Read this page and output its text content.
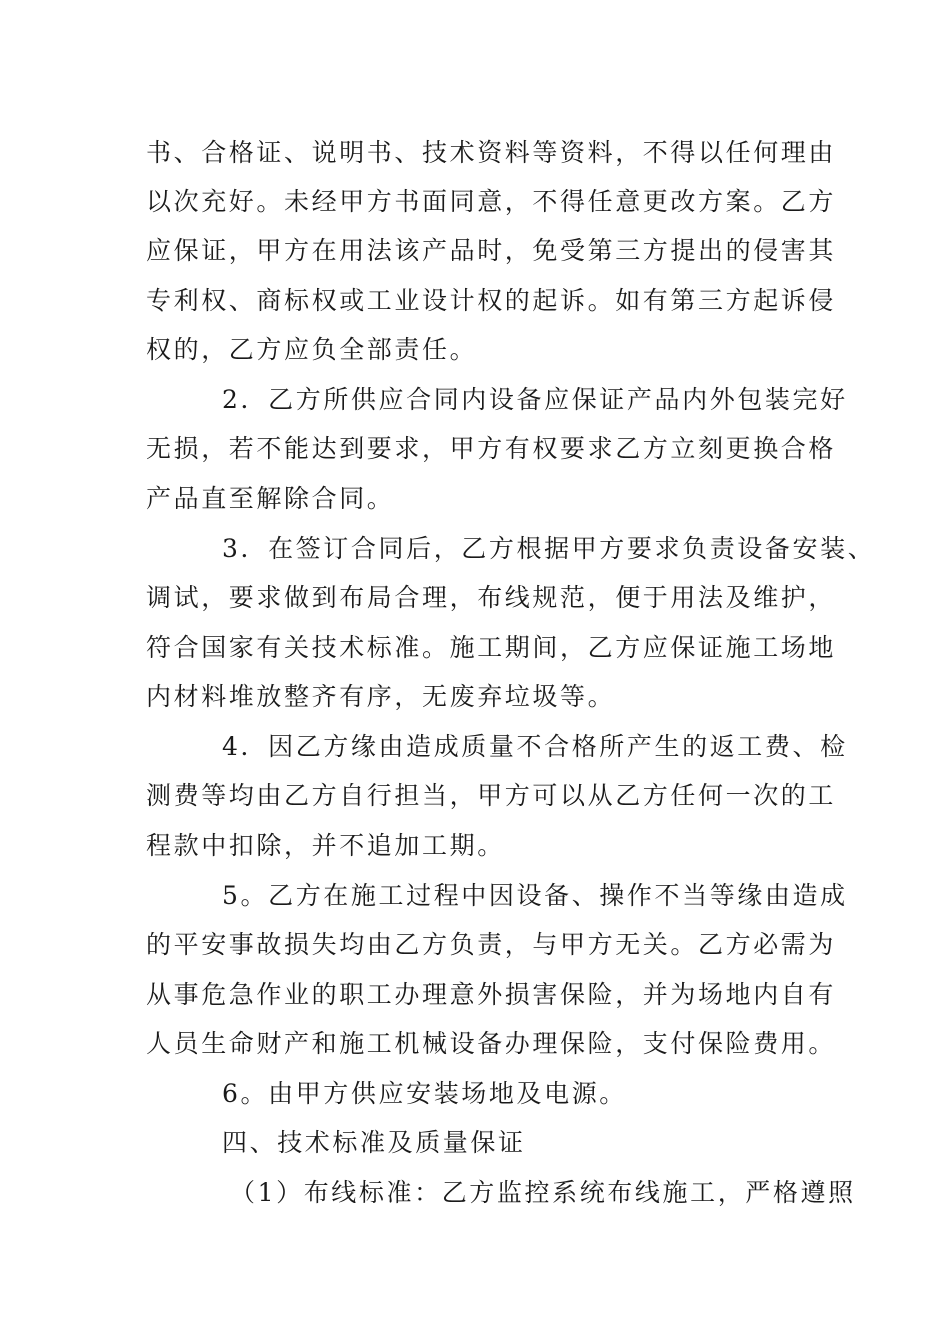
书、合格证、说明书、技术资料等资料，不得以任何理由
以次充好。未经甲方书面同意，不得任意更改方案。乙方
应保证，甲方在用法该产品时，免受第三方提出的侵害其
专利权、商标权或工业设计权的起诉。如有第三方起诉侵
权的，乙方应负全部责任。
2．乙方所供应合同内设备应保证产品内外包装完好
无损，若不能达到要求，甲方有权要求乙方立刻更换合格
产品直至解除合同。
3．在签订合同后，乙方根据甲方要求负责设备安装、
调试，要求做到布局合理，布线规范，便于用法及维护，
符合国家有关技术标准。施工期间，乙方应保证施工场地
内材料堆放整齐有序，无废弃垃圾等。
4．因乙方缘由造成质量不合格所产生的返工费、检
测费等均由乙方自行担当，甲方可以从乙方任何一次的工
程款中扣除，并不追加工期。
5。乙方在施工过程中因设备、操作不当等缘由造成
的平安事故损失均由乙方负责，与甲方无关。乙方必需为
从事危急作业的职工办理意外损害保险，并为场地内自有
人员生命财产和施工机械设备办理保险，支付保险费用。
6。由甲方供应安装场地及电源。
四、技术标准及质量保证
（1）布线标准：乙方监控系统布线施工，严格遵照
